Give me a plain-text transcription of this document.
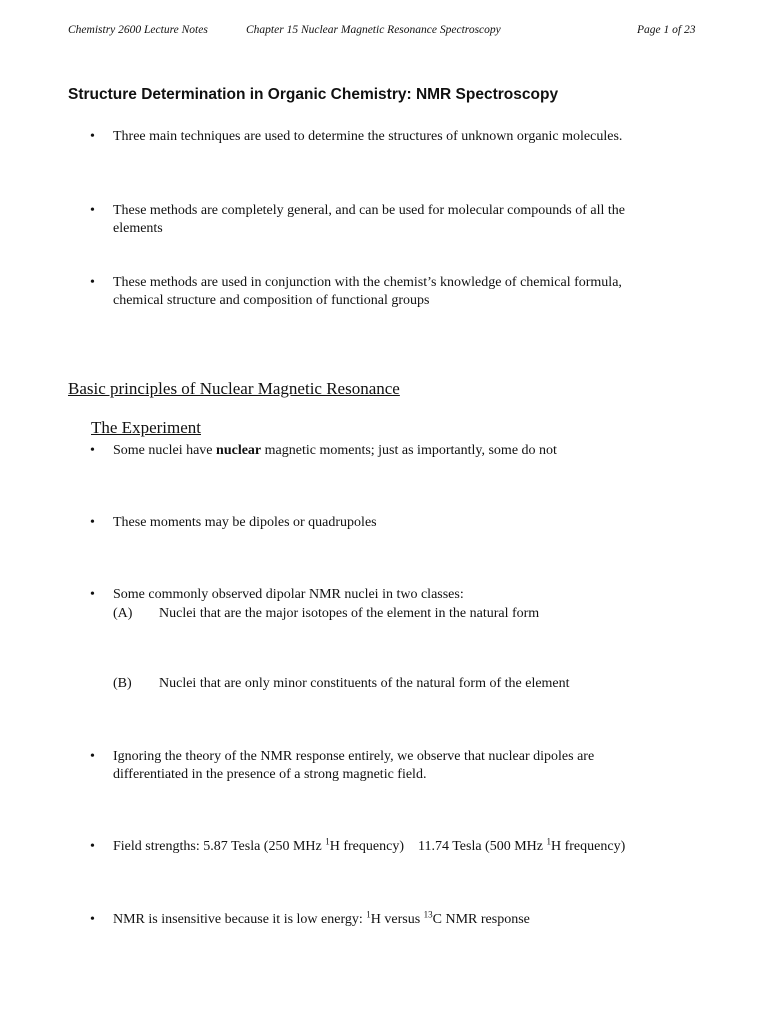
Chemistry 2600 Lecture Notes	Chapter 15 Nuclear Magnetic Resonance Spectroscopy	Page 1 of 23
Structure Determination in Organic Chemistry: NMR Spectroscopy
• Three main techniques are used to determine the structures of unknown organic molecules.
• These methods are completely general, and can be used for molecular compounds of all the
elements
• These methods are used in conjunction with the chemist’s knowledge of chemical formula,
chemical structure and composition of functional groups
Basic principles of Nuclear Magnetic Resonance
The Experiment
• Some nuclei have nuclear magnetic moments; just as importantly, some do not
• These moments may be dipoles or quadrupoles
• Some commonly observed dipolar NMR nuclei in two classes:
(A) Nuclei that are the major isotopes of the element in the natural form
(B) Nuclei that are only minor constituents of the natural form of the element
• Ignoring the theory of the NMR response entirely, we observe that nuclear dipoles are
differentiated in the presence of a strong magnetic field.
• Field strengths: 5.87 Tesla (250 MHz $^1$H frequency)    11.74 Tesla (500 MHz $^1$H frequency)
• NMR is insensitive because it is low energy: $^1$H versus $^{13}$C NMR response
